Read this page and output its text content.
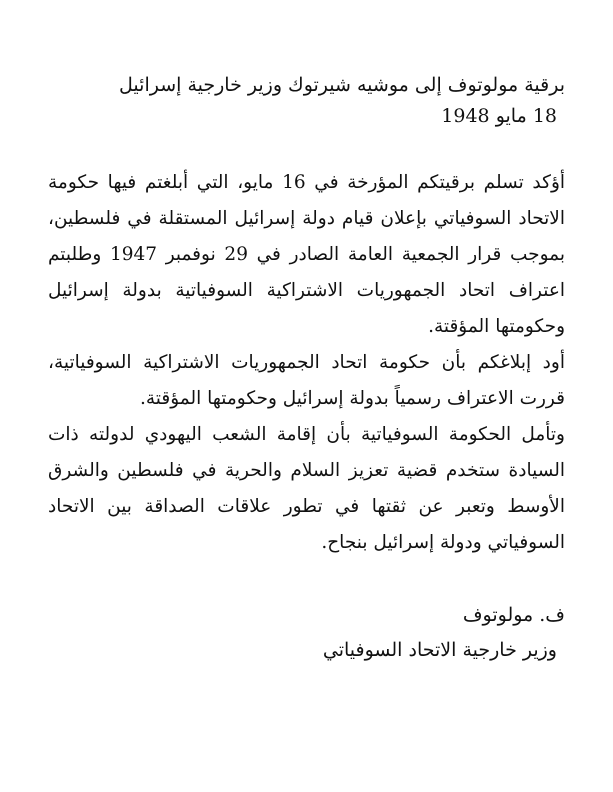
برقية مولوتوف إلى موشيه شيرتوك وزير خارجية إسرائيل
18 مايو 1948

أؤكد تسلم برقيتكم المؤرخة في 16 مايو، التي أبلغتم فيها حكومة الاتحاد السوفياتي بإعلان قيام دولة إسرائيل المستقلة في فلسطين، بموجب قرار الجمعية العامة الصادر في 29 نوفمبر 1947 وطلبتم اعتراف اتحاد الجمهوريات الاشتراكية السوفياتية بدولة إسرائيل وحكومتها المؤقتة.

أود إبلاغكم بأن حكومة اتحاد الجمهوريات الاشتراكية السوفياتية، قررت الاعتراف رسمياً بدولة إسرائيل وحكومتها المؤقتة.

وتأمل الحكومة السوفياتية بأن إقامة الشعب اليهودي لدولته ذات السيادة ستخدم قضية تعزيز السلام والحرية في فلسطين والشرق الأوسط وتعبر عن ثقتها في تطور علاقات الصداقة بين الاتحاد السوفياتي ودولة إسرائيل بنجاح.

ف. مولوتوف
وزير خارجية الاتحاد السوفياتي
